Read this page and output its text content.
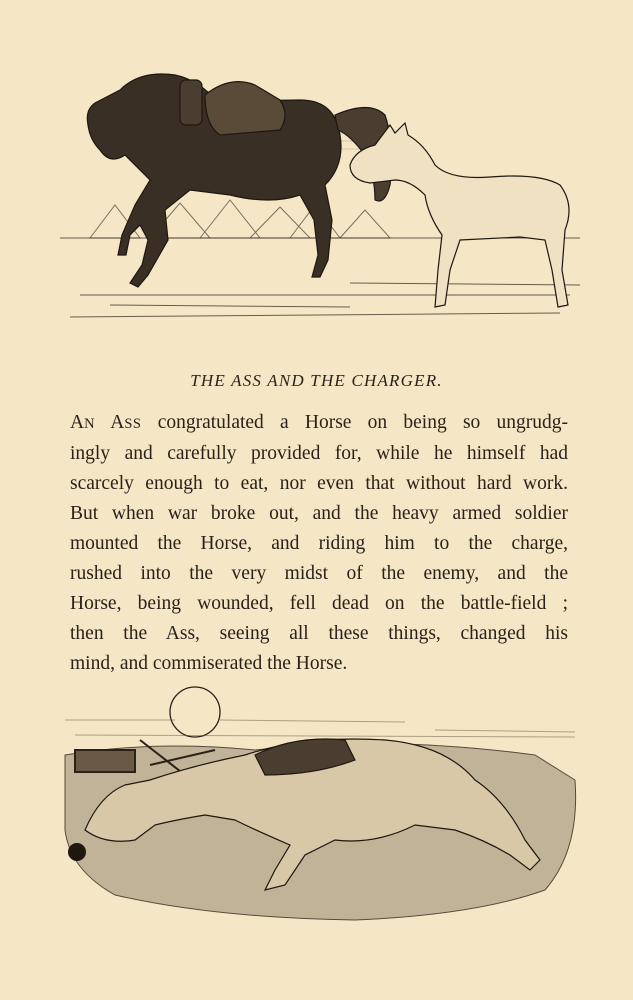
THE ASS AND THE CHARGER.
AN ASS congratulated a Horse on being so ungrudg-
ingly and carefully provided for, while he himself had
scarcely enough to eat, nor even that without hard work.
But when war broke out, and the heavy armed soldier
mounted the Horse, and riding him to the charge,
rushed into the very midst of the enemy, and the
Horse, being wounded, fell dead on the battle-field ;
then the Ass, seeing all these things, changed his
mind, and commiserated the Horse.
